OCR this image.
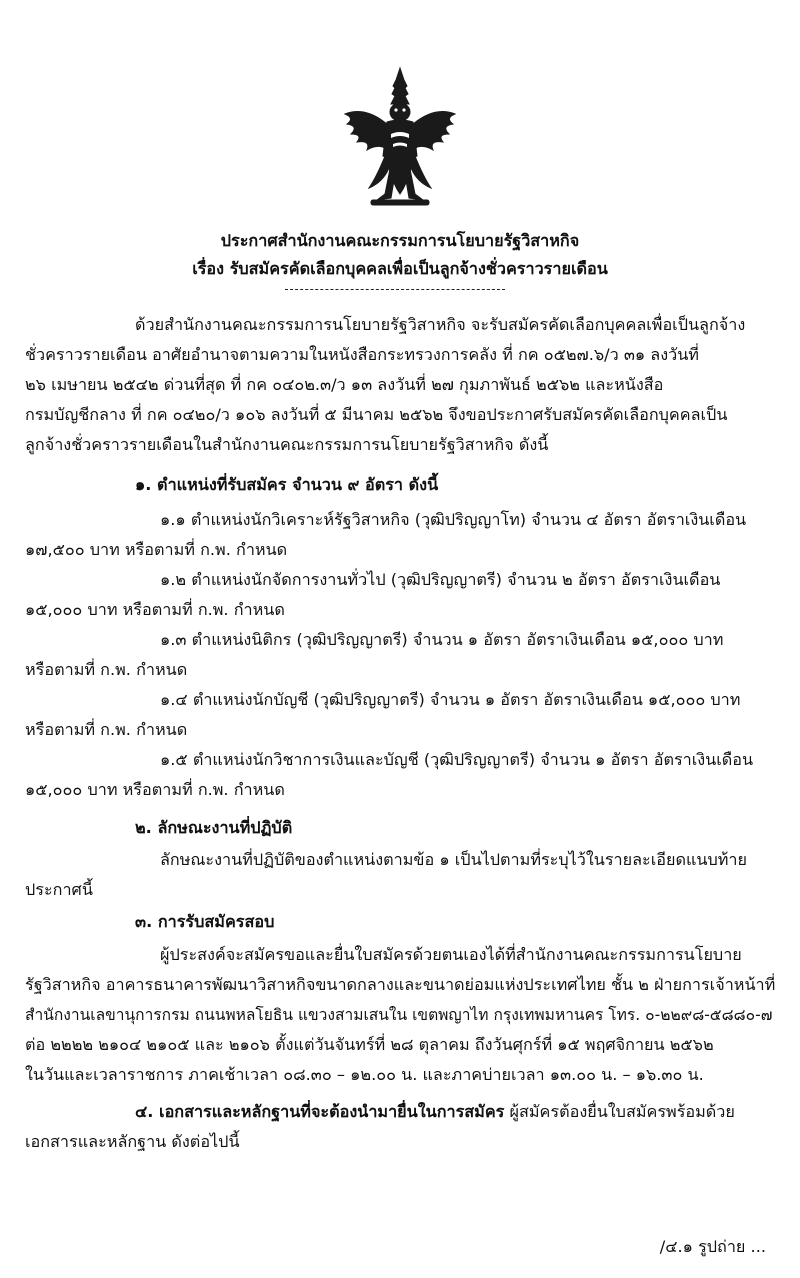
ประกาศสำนักงานคณะกรรมการนโยบายรัฐวิสาหกิจ
เรื่อง รับสมัครคัดเลือกบุคคลเพื่อเป็นลูกจ้างชั่วคราวรายเดือน
ด้วยสำนักงานคณะกรรมการนโยบายรัฐวิสาหกิจ จะรับสมัครคัดเลือกบุคคลเพื่อเป็นลูกจ้าง
ชั่วคราวรายเดือน อาศัยอำนาจตามความในหนังสือกระทรวงการคลัง ที่ กค ๐๕๒๗.๖/ว ๓๑ ลงวันที่
๒๖ เมษายน ๒๕๔๒ ด่วนที่สุด ที่ กค ๐๔๐๒.๓/ว ๑๓ ลงวันที่ ๒๗ กุมภาพันธ์ ๒๕๖๒ และหนังสือ
กรมบัญชีกลาง ที่ กค ๐๔๒๐/ว ๑๐๖ ลงวันที่ ๕ มีนาคม ๒๕๖๒ จึงขอประกาศรับสมัครคัดเลือกบุคคลเป็น
ลูกจ้างชั่วคราวรายเดือนในสำนักงานคณะกรรมการนโยบายรัฐวิสาหกิจ ดังนี้
๑. ตำแหน่งที่รับสมัคร จำนวน ๙ อัตรา ดังนี้
๑.๑ ตำแหน่งนักวิเคราะห์รัฐวิสาหกิจ (วุฒิปริญญาโท) จำนวน ๔ อัตรา อัตราเงินเดือน
๑๗,๕๐๐ บาท หรือตามที่ ก.พ. กำหนด
๑.๒ ตำแหน่งนักจัดการงานทั่วไป (วุฒิปริญญาตรี) จำนวน ๒ อัตรา อัตราเงินเดือน
๑๕,๐๐๐ บาท หรือตามที่ ก.พ. กำหนด
๑.๓ ตำแหน่งนิติกร (วุฒิปริญญาตรี) จำนวน ๑ อัตรา อัตราเงินเดือน ๑๕,๐๐๐ บาท
หรือตามที่ ก.พ. กำหนด
๑.๔ ตำแหน่งนักบัญชี (วุฒิปริญญาตรี) จำนวน ๑ อัตรา อัตราเงินเดือน ๑๕,๐๐๐ บาท
หรือตามที่ ก.พ. กำหนด
๑.๕ ตำแหน่งนักวิชาการเงินและบัญชี (วุฒิปริญญาตรี) จำนวน ๑ อัตรา อัตราเงินเดือน
๑๕,๐๐๐ บาท หรือตามที่ ก.พ. กำหนด
๒. ลักษณะงานที่ปฏิบัติ
ลักษณะงานที่ปฏิบัติของตำแหน่งตามข้อ ๑ เป็นไปตามที่ระบุไว้ในรายละเอียดแนบท้าย
ประกาศนี้
๓. การรับสมัครสอบ
ผู้ประสงค์จะสมัครขอและยื่นใบสมัครด้วยตนเองได้ที่สำนักงานคณะกรรมการนโยบาย
รัฐวิสาหกิจ อาคารธนาคารพัฒนาวิสาหกิจขนาดกลางและขนาดย่อมแห่งประเทศไทย ชั้น ๒ ฝ่ายการเจ้าหน้าที่
สำนักงานเลขานุการกรม ถนนพหลโยธิน แขวงสามเสนใน เขตพญาไท กรุงเทพมหานคร โทร. ๐-๒๒๙๘-๕๘๘๐-๗
ต่อ ๒๒๒๒ ๒๑๐๔ ๒๑๐๕ และ ๒๑๐๖ ตั้งแต่วันจันทร์ที่ ๒๘ ตุลาคม ถึงวันศุกร์ที่ ๑๕ พฤศจิกายน ๒๕๖๒
ในวันและเวลาราชการ ภาคเช้าเวลา ๐๘.๓๐ – ๑๒.๐๐ น. และภาคบ่ายเวลา ๑๓.๐๐ น. – ๑๖.๓๐ น.
๔. เอกสารและหลักฐานที่จะต้องนำมายื่นในการสมัคร ผู้สมัครต้องยื่นใบสมัครพร้อมด้วย
เอกสารและหลักฐาน ดังต่อไปนี้
/๔.๑ รูปถ่าย ...
